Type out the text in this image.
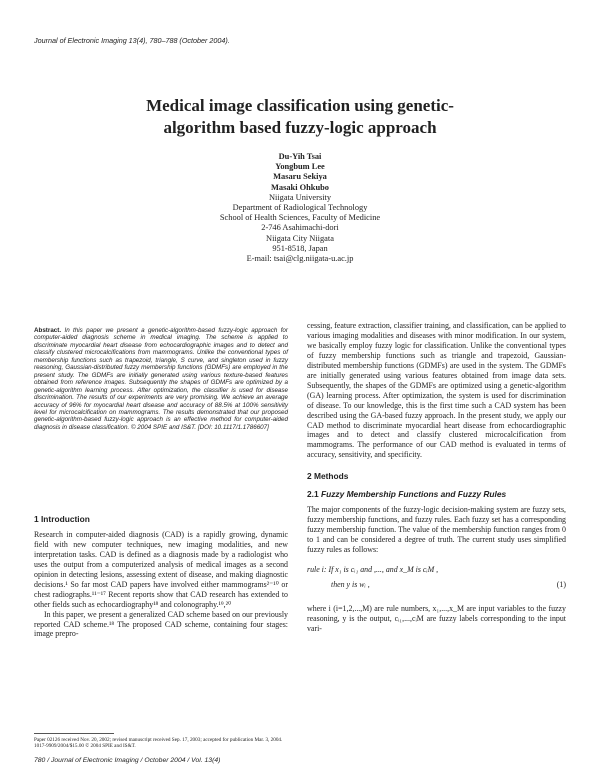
Journal of Electronic Imaging 13(4), 780–788 (October 2004).
Medical image classification using genetic-
algorithm based fuzzy-logic approach
Du-Yih Tsai
Yongbum Lee
Masaru Sekiya
Masaki Ohkubo
Niigata University
Department of Radiological Technology
School of Health Sciences, Faculty of Medicine
2-746 Asahimachi-dori
Niigata City Niigata
951-8518, Japan
E-mail: tsai@clg.niigata-u.ac.jp
Abstract. In this paper we present a genetic-algorithm-based fuzzy-logic approach for computer-aided diagnosis scheme in medical imaging. The scheme is applied to discriminate myocardial heart disease from echocardiographic images and to detect and classify clustered microcalcifications from mammograms. Unlike the conventional types of membership functions such as trapezoid, triangle, S curve, and singleton used in fuzzy reasoning, Gaussian-distributed fuzzy membership functions (GDMFs) are employed in the present study. The GDMFs are initially generated using various texture-based features obtained from reference images. Subsequently the shapes of GDMFs are optimized by a genetic-algorithm learning process. After optimization, the classifier is used for disease discrimination. The results of our experiments are very promising. We achieve an average accuracy of 96% for myocardial heart disease and accuracy of 88.5% at 100% sensitivity level for microcalcification on mammograms. The results demonstrated that our proposed genetic-algorithm-based fuzzy-logic approach is an effective method for computer-aided diagnosis in disease classification. © 2004 SPIE and IS&T. [DOI: 10.1117/1.1786607]
1 Introduction

Research in computer-aided diagnosis (CAD) is a rapidly growing, dynamic field with new computer techniques, new imaging modalities, and new interpretation tasks. CAD is defined as a diagnosis made by a radiologist who uses the output from a computerized analysis of medical images as a second opinion in detecting lesions, assessing extent of disease, and making diagnostic decisions.¹ So far most CAD papers have involved either mammograms²⁻¹⁰ or chest radiographs.¹¹⁻¹⁷ Recent reports show that CAD research has extended to other fields such as echocardiography¹⁸ and colonography.¹⁹,²⁰

In this paper, we present a generalized CAD scheme based on our previously reported CAD scheme.¹⁸ The proposed CAD scheme, containing four stages: image prepro-

cessing, feature extraction, classifier training, and classification, can be applied to various imaging modalities and diseases with minor modification. In our system, we basically employ fuzzy logic for classification. Unlike the conventional types of fuzzy membership functions such as triangle and trapezoid, Gaussian-distributed membership functions (GDMFs) are used in the system. The GDMFs are initially generated using various features obtained from image data sets. Subsequently, the shapes of the GDMFs are optimized using a genetic-algorithm (GA) learning process. After optimization, the system is used for discrimination of disease. To our knowledge, this is the first time such a CAD system has been described using the GA-based fuzzy approach. In the present study, we apply our CAD method to discriminate myocardial heart disease from echocardiographic images and to detect and classify clustered microcalcification from mammograms. The performance of our CAD method is evaluated in terms of accuracy, sensitivity, and specificity.

2 Methods
2.1 Fuzzy Membership Functions and Fuzzy Rules

The major components of the fuzzy-logic decision-making system are fuzzy sets, fuzzy membership functions, and fuzzy rules. Each fuzzy set has a corresponding fuzzy membership function. The value of the membership function ranges from 0 to 1 and can be considered a degree of truth. The current study uses simplified fuzzy rules as follows:

rule i: If x₁ is cᵢ₁ and ,..., and x_M is cᵢM ,
then y is wᵢ ,	(1)

where i (i=1,2,...,M) are rule numbers, x₁,...,x_M are input variables to the fuzzy reasoning, y is the output, cᵢ₁,...,cᵢM are fuzzy labels corresponding to the input vari-

Paper 02126 received Nov. 20, 2002; revised manuscript received Sep. 17, 2003; accepted for publication Mar. 3, 2004.
1017-9909/2004/$15.00 © 2004 SPIE and IS&T.
780 / Journal of Electronic Imaging / October 2004 / Vol. 13(4)
